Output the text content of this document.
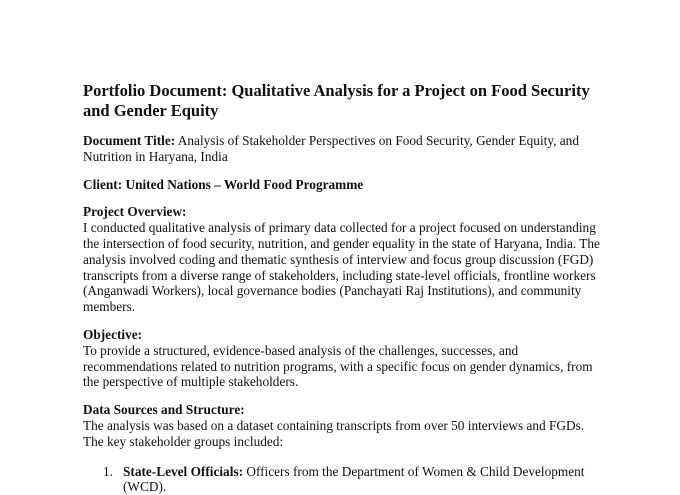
Portfolio Document: Qualitative Analysis for a Project on Food Security and Gender Equity

Document Title: Analysis of Stakeholder Perspectives on Food Security, Gender Equity, and Nutrition in Haryana, India

Client: United Nations – World Food Programme

Project Overview:

I conducted qualitative analysis of primary data collected for a project focused on understanding the intersection of food security, nutrition, and gender equality in the state of Haryana, India. The analysis involved coding and thematic synthesis of interview and focus group discussion (FGD) transcripts from a diverse range of stakeholders, including state-level officials, frontline workers (Anganwadi Workers), local governance bodies (Panchayati Raj Institutions), and community members.

Objective:

To provide a structured, evidence-based analysis of the challenges, successes, and recommendations related to nutrition programs, with a specific focus on gender dynamics, from the perspective of multiple stakeholders.

Data Sources and Structure:

The analysis was based on a dataset containing transcripts from over 50 interviews and FGDs. The key stakeholder groups included:

1. State-Level Officials: Officers from the Department of Women & Child Development (WCD).
